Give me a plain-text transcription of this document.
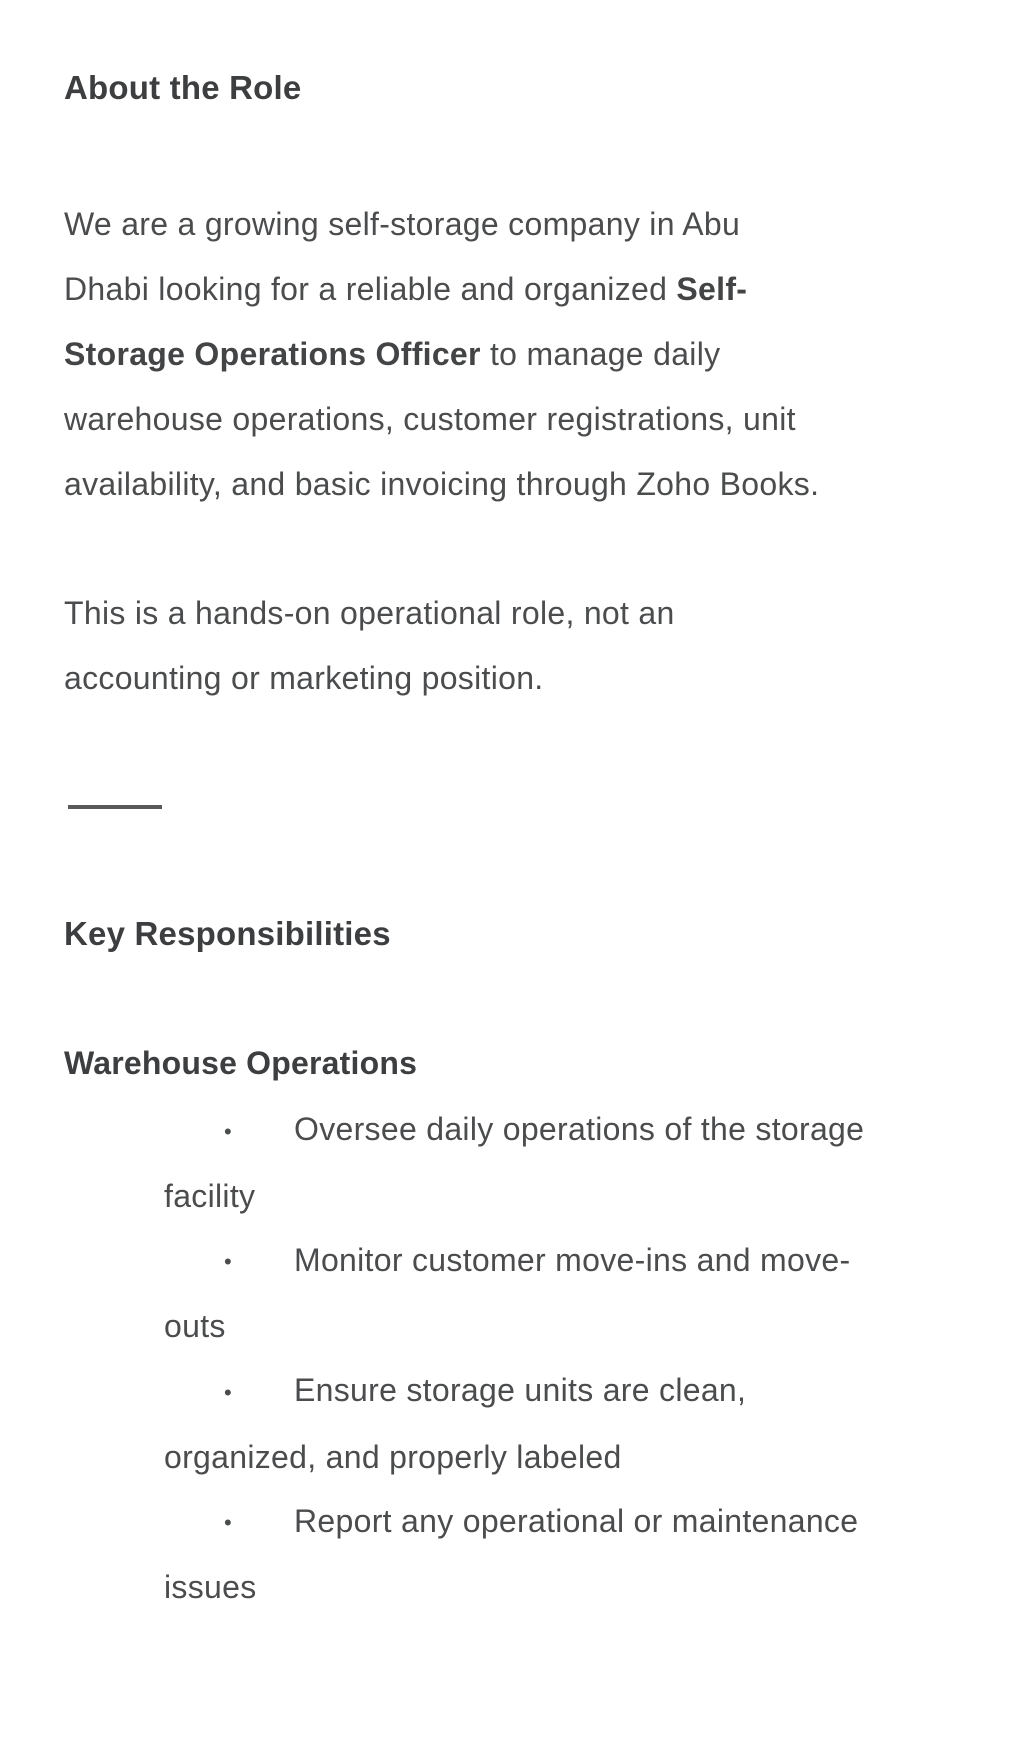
About the Role
We are a growing self-storage company in Abu
Dhabi looking for a reliable and organized Self-
Storage Operations Officer to manage daily
warehouse operations, customer registrations, unit
availability, and basic invoicing through Zoho Books.
This is a hands-on operational role, not an
accounting or marketing position.
Key Responsibilities
Warehouse Operations
• Oversee daily operations of the storage
facility
• Monitor customer move-ins and move-
outs
• Ensure storage units are clean,
organized, and properly labeled
• Report any operational or maintenance
issues
